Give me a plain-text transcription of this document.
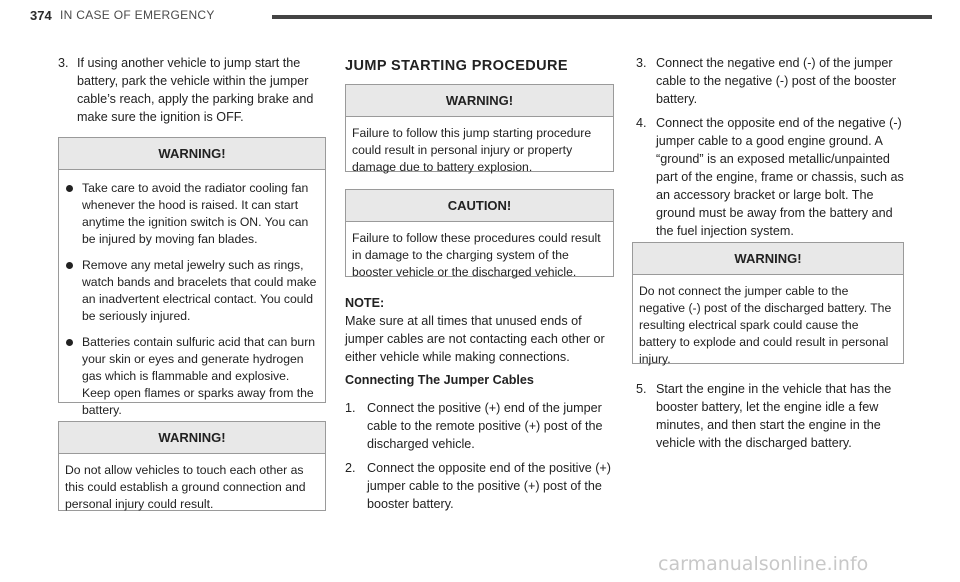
374 IN CASE OF EMERGENCY
3. If using another vehicle to jump start the battery, park the vehicle within the jumper cable’s reach, apply the parking brake and make sure the ignition is OFF.
WARNING!
Take care to avoid the radiator cooling fan whenever the hood is raised. It can start anytime the ignition switch is ON. You can be injured by moving fan blades.
Remove any metal jewelry such as rings, watch bands and bracelets that could make an inadvertent electrical contact. You could be seriously injured.
Batteries contain sulfuric acid that can burn your skin or eyes and generate hydrogen gas which is flammable and explosive. Keep open flames or sparks away from the battery.
WARNING!
Do not allow vehicles to touch each other as this could establish a ground connection and personal injury could result.
JUMP STARTING PROCEDURE
WARNING!
Failure to follow this jump starting procedure could result in personal injury or property damage due to battery explosion.
CAUTION!
Failure to follow these procedures could result in damage to the charging system of the booster vehicle or the discharged vehicle.
NOTE:
Make sure at all times that unused ends of jumper cables are not contacting each other or either vehicle while making connections.
Connecting The Jumper Cables
1. Connect the positive (+) end of the jumper cable to the remote positive (+) post of the discharged vehicle.
2. Connect the opposite end of the positive (+) jumper cable to the positive (+) post of the booster battery.
3. Connect the negative end (-) of the jumper cable to the negative (-) post of the booster battery.
4. Connect the opposite end of the negative (-) jumper cable to a good engine ground. A “ground” is an exposed metallic/unpainted part of the engine, frame or chassis, such as an accessory bracket or large bolt. The ground must be away from the battery and the fuel injection system.
WARNING!
Do not connect the jumper cable to the negative (-) post of the discharged battery. The resulting electrical spark could cause the battery to explode and could result in personal injury.
5. Start the engine in the vehicle that has the booster battery, let the engine idle a few minutes, and then start the engine in the vehicle with the discharged battery.
carmanualsonline.info
